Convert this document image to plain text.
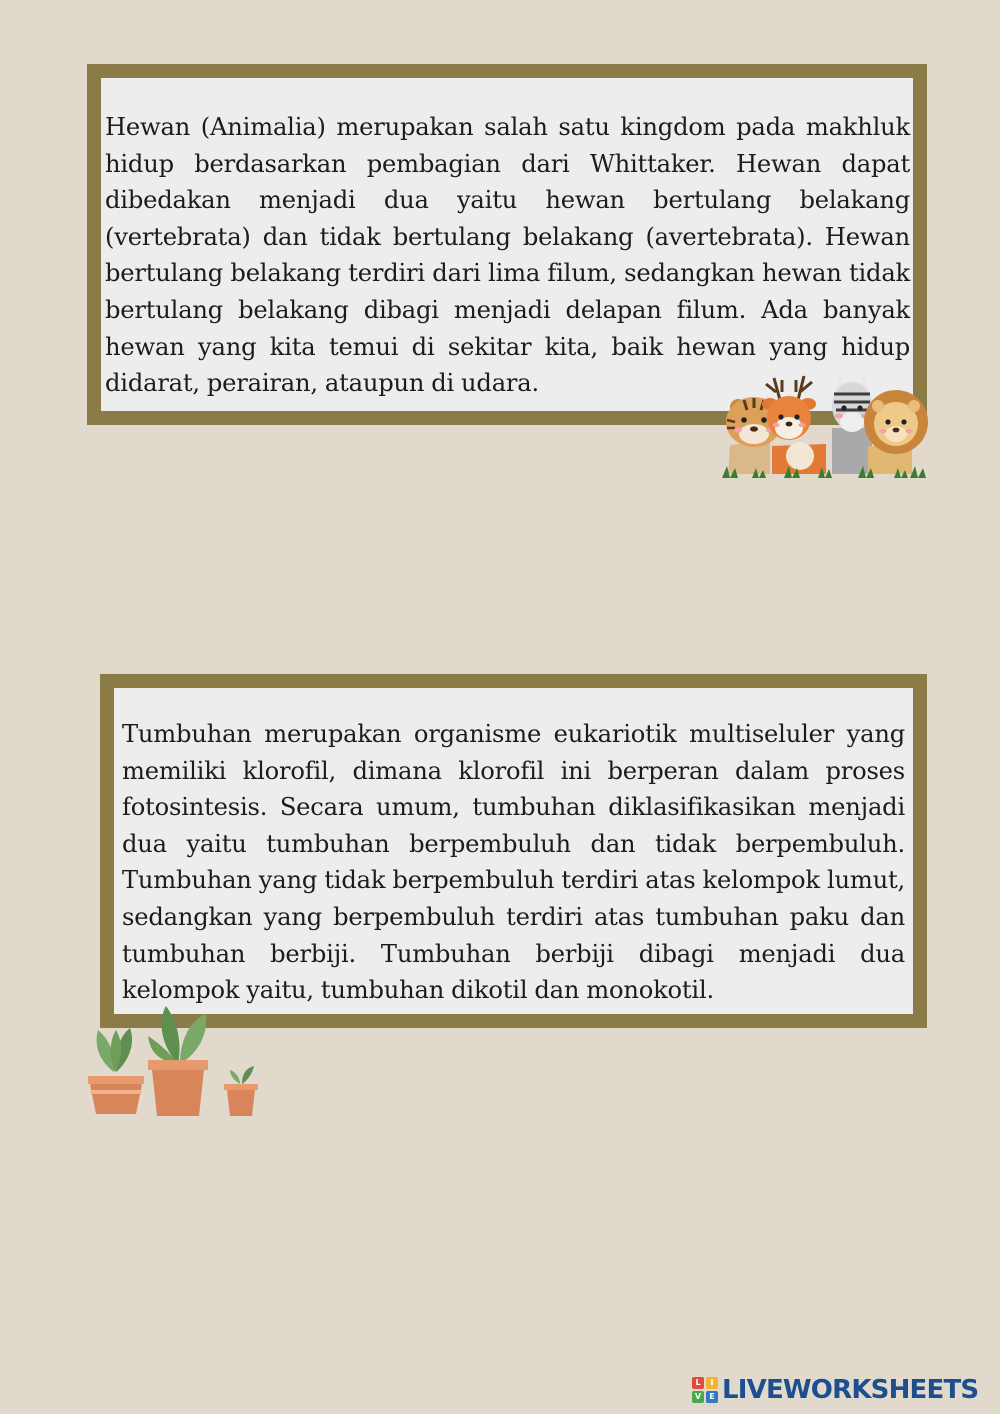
Hewan (Animalia) merupakan salah satu kingdom pada makhluk hidup berdasarkan pembagian dari Whittaker. Hewan dapat dibedakan menjadi dua yaitu hewan bertulang belakang (vertebrata) dan tidak bertulang belakang (avertebrata). Hewan bertulang belakang terdiri dari lima filum, sedangkan hewan tidak bertulang belakang dibagi menjadi delapan filum. Ada banyak hewan yang kita temui di sekitar kita, baik hewan yang hidup didarat, perairan, ataupun di udara.

Tumbuhan merupakan organisme eukariotik multiseluler yang memiliki klorofil, dimana klorofil ini berperan dalam proses fotosintesis. Secara umum, tumbuhan diklasifikasikan menjadi dua yaitu tumbuhan berpembuluh dan tidak berpembuluh. Tumbuhan yang tidak berpembuluh terdiri atas kelompok lumut, sedangkan yang berpembuluh terdiri atas tumbuhan paku dan tumbuhan berbiji. Tumbuhan berbiji dibagi menjadi dua kelompok yaitu, tumbuhan dikotil dan monokotil.

L	I
V	E LIVEWORKSHEETS
